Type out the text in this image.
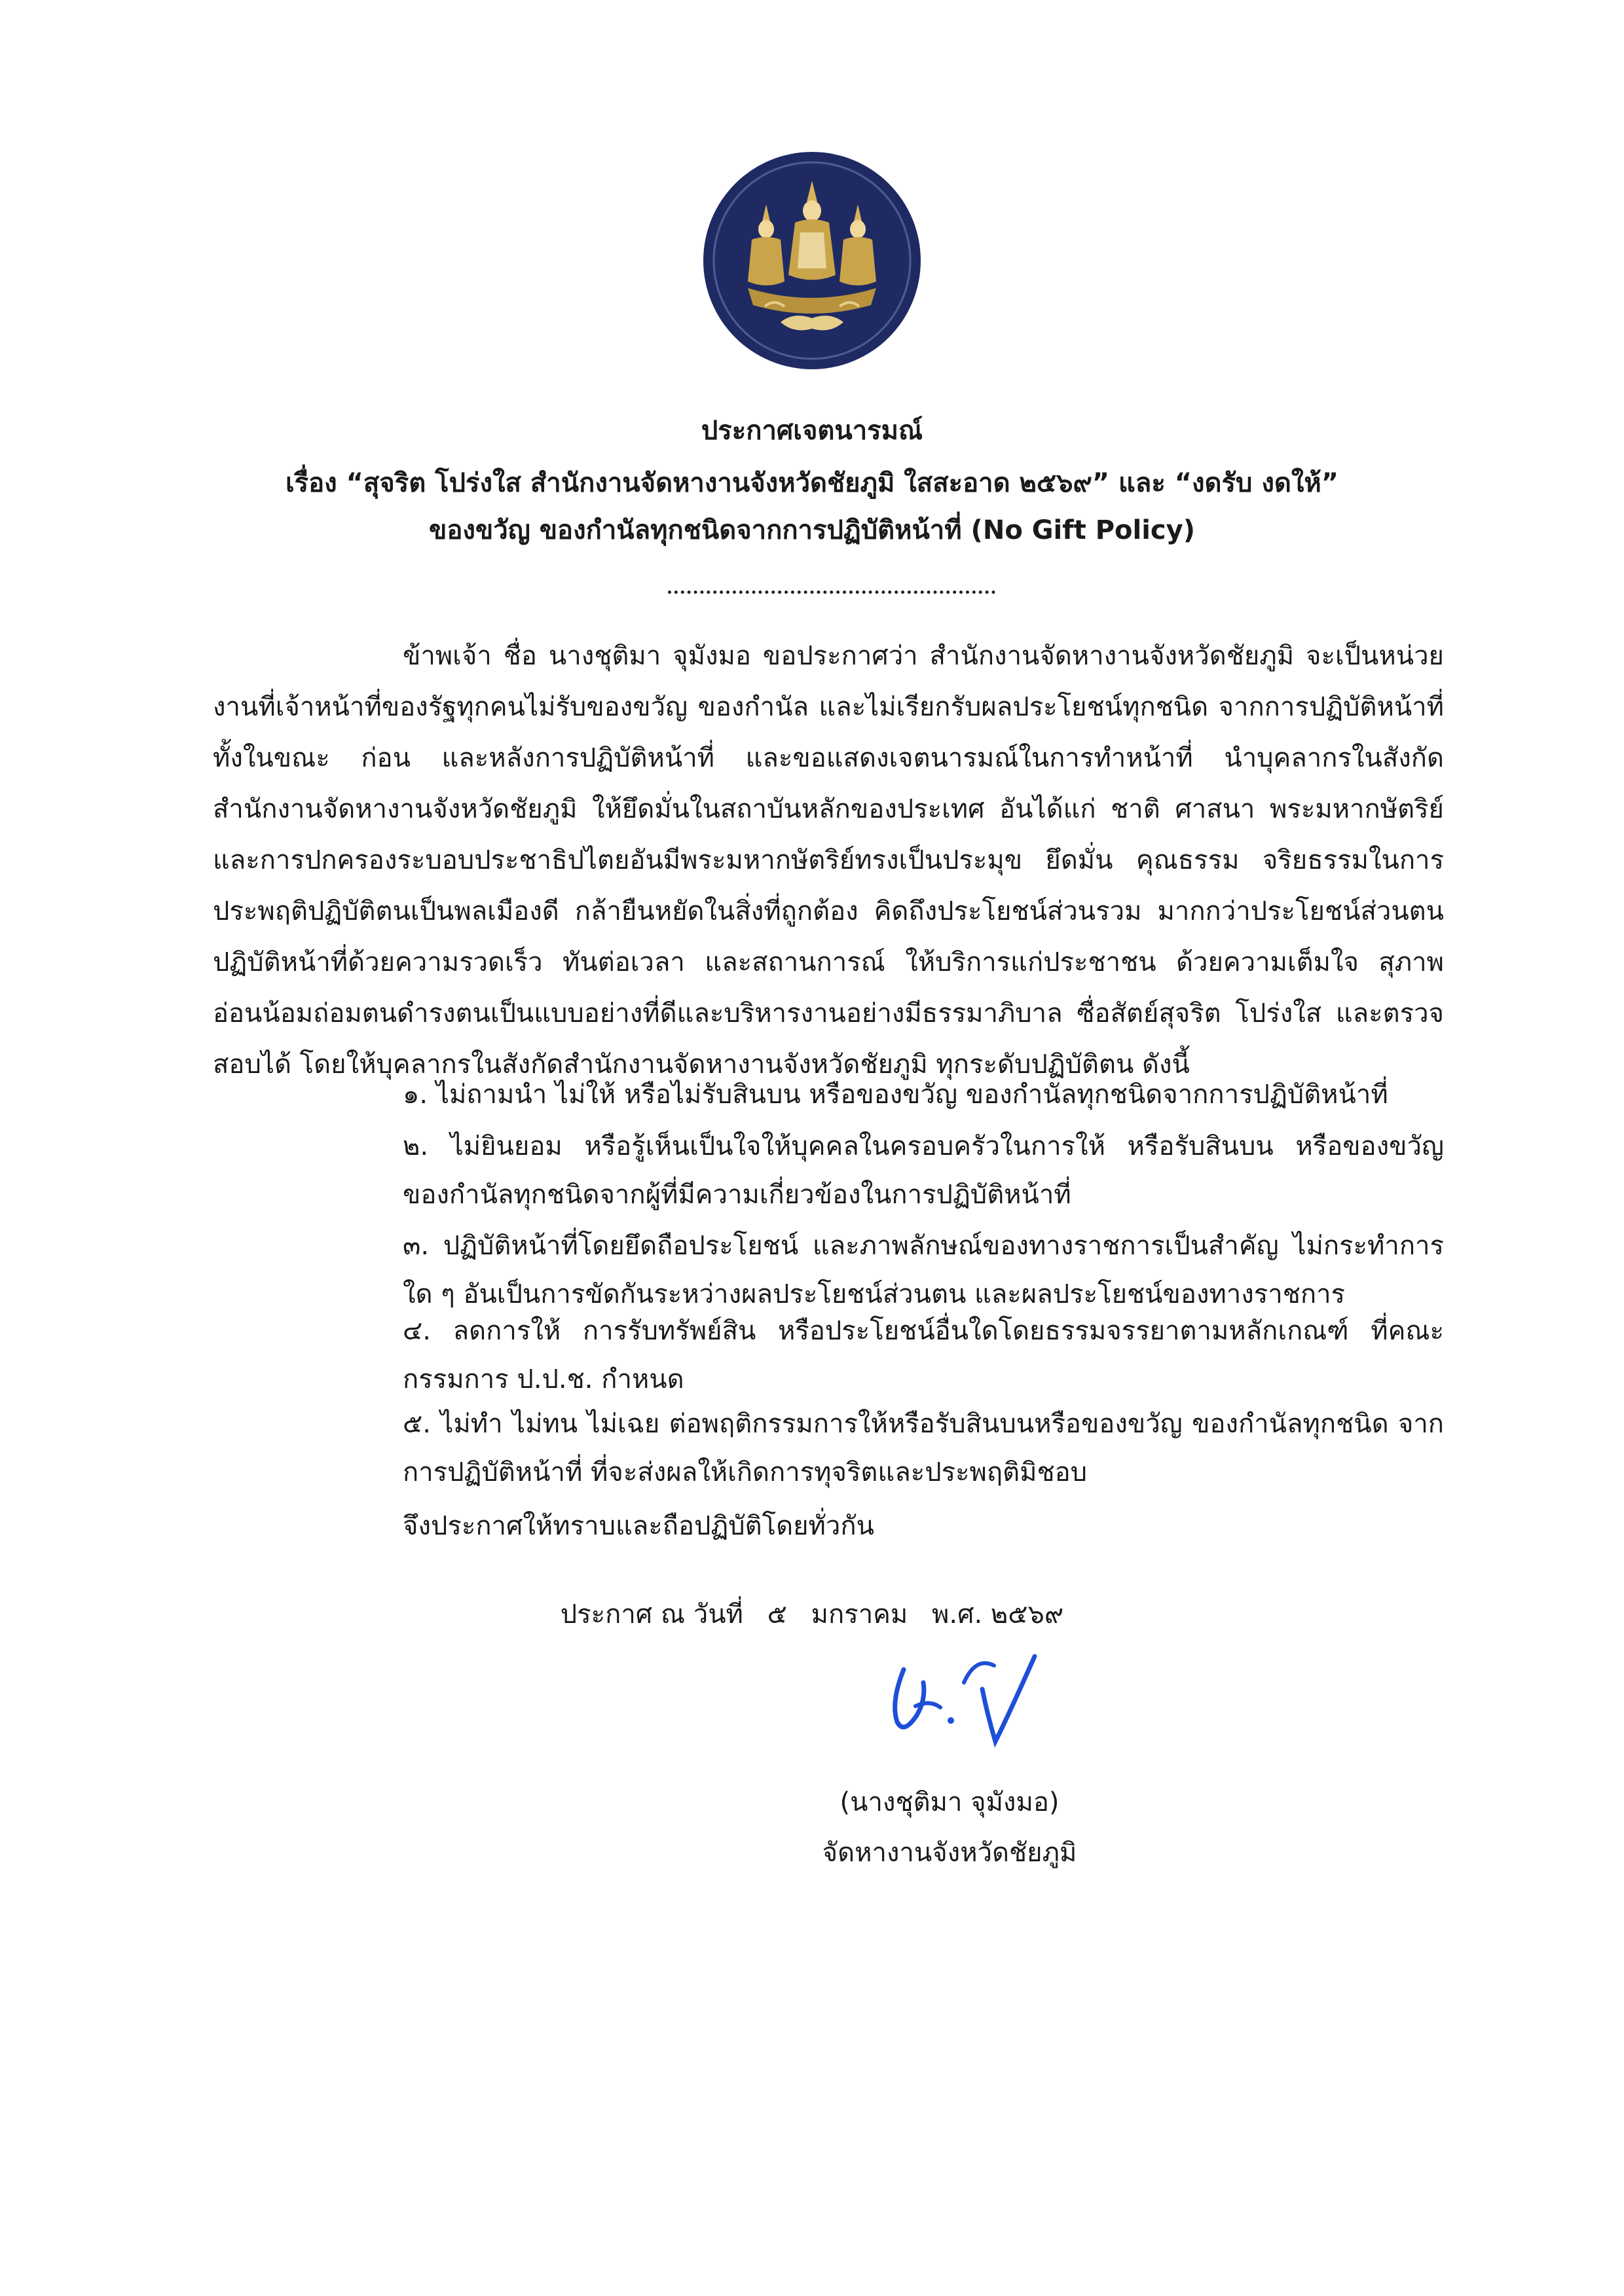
ประกาศเจตนารมณ์
เรื่อง “สุจริต โปร่งใส สำนักงานจัดหางานจังหวัดชัยภูมิ ใสสะอาด ๒๕๖๙” และ “งดรับ งดให้”
ของขวัญ ของกำนัลทุกชนิดจากการปฏิบัติหน้าที่ (No Gift Policy)
ข้าพเจ้า ชื่อ นางชุติมา จุมังมอ ขอประกาศว่า สำนักงานจัดหางานจังหวัดชัยภูมิ จะเป็นหน่วยงานที่เจ้าหน้าที่ของรัฐทุกคนไม่รับของขวัญ ของกำนัล และไม่เรียกรับผลประโยชน์ทุกชนิด จากการปฏิบัติหน้าที่ ทั้งในขณะ ก่อน และหลังการปฏิบัติหน้าที่ และขอแสดงเจตนารมณ์ในการทำหน้าที่ นำบุคลากรในสังกัดสำนักงานจัดหางานจังหวัดชัยภูมิ ให้ยึดมั่นในสถาบันหลักของประเทศ อันได้แก่ ชาติ ศาสนา พระมหากษัตริย์ และการปกครองระบอบประชาธิปไตยอันมีพระมหากษัตริย์ทรงเป็นประมุข ยึดมั่น คุณธรรม จริยธรรมในการประพฤติปฏิบัติตนเป็นพลเมืองดี กล้ายืนหยัดในสิ่งที่ถูกต้อง คิดถึงประโยชน์ส่วนรวม มากกว่าประโยชน์ส่วนตน ปฏิบัติหน้าที่ด้วยความรวดเร็ว ทันต่อเวลา และสถานการณ์ ให้บริการแก่ประชาชน ด้วยความเต็มใจ สุภาพ อ่อนน้อมถ่อมตนดำรงตนเป็นแบบอย่างที่ดีและบริหารงานอย่างมีธรรมาภิบาล ซื่อสัตย์สุจริต โปร่งใส และตรวจสอบได้ โดยให้บุคลากรในสังกัดสำนักงานจัดหางานจังหวัดชัยภูมิ ทุกระดับปฏิบัติตน ดังนี้
๑. ไม่ถามนำ ไม่ให้ หรือไม่รับสินบน หรือของขวัญ ของกำนัลทุกชนิดจากการปฏิบัติหน้าที่
๒. ไม่ยินยอม หรือรู้เห็นเป็นใจให้บุคคลในครอบครัวในการให้ หรือรับสินบน หรือของขวัญ ของกำนัลทุกชนิดจากผู้ที่มีความเกี่ยวข้องในการปฏิบัติหน้าที่
๓. ปฏิบัติหน้าที่โดยยึดถือประโยชน์ และภาพลักษณ์ของทางราชการเป็นสำคัญ ไม่กระทำการใด ๆ อันเป็นการขัดกันระหว่างผลประโยชน์ส่วนตน และผลประโยชน์ของทางราชการ
๔. ลดการให้ การรับทรัพย์สิน หรือประโยชน์อื่นใดโดยธรรมจรรยาตามหลักเกณฑ์ ที่คณะกรรมการ ป.ป.ช. กำหนด
๕. ไม่ทำ ไม่ทน ไม่เฉย ต่อพฤติกรรมการให้หรือรับสินบนหรือของขวัญ ของกำนัลทุกชนิด จากการปฏิบัติหน้าที่ ที่จะส่งผลให้เกิดการทุจริตและประพฤติมิชอบ
จึงประกาศให้ทราบและถือปฏิบัติโดยทั่วกัน
ประกาศ ณ วันที่ ๕ มกราคม พ.ศ. ๒๕๖๙
(นางชุติมา จุมังมอ)
จัดหางานจังหวัดชัยภูมิ
